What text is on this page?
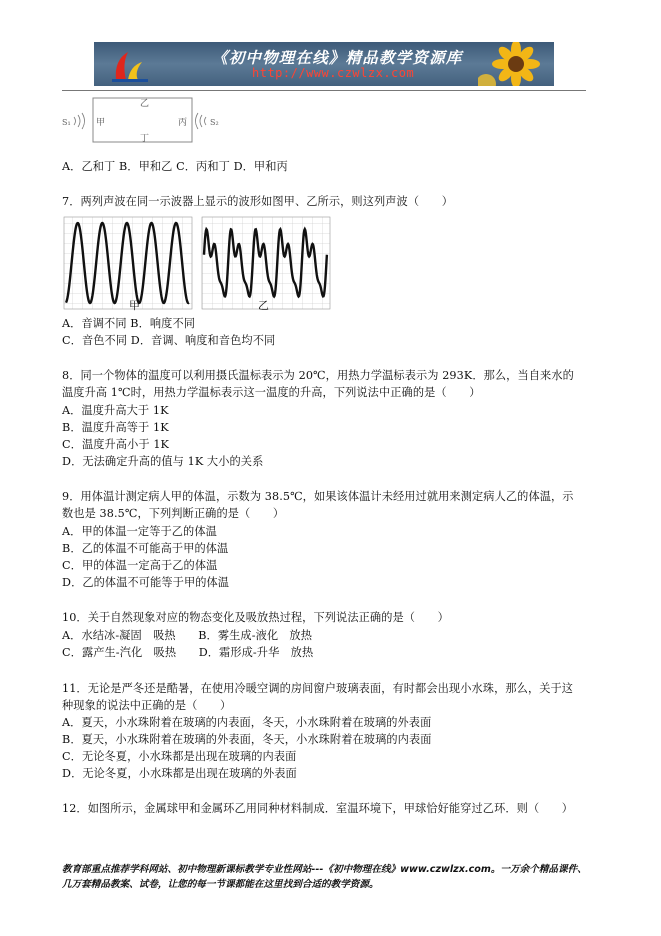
《初中物理在线》精品教学资源库
http://www.czwlzx.com
乙
丁
甲	丙
S₁	S₂
A．乙和丁 B．甲和乙 C．丙和丁 D．甲和丙
7．两列声波在同一示波器上显示的波形如图甲、乙所示，则这列声波（　　）
甲	乙
A．音调不同 B．响度不同
C．音色不同 D．音调、响度和音色均不同
8．同一个物体的温度可以利用摄氏温标表示为 20℃，用热力学温标表示为 293K．那么，当自来水的
温度升高 1℃时，用热力学温标表示这一温度的升高，下列说法中正确的是（　　）
A．温度升高大于 1K
B．温度升高等于 1K
C．温度升高小于 1K
D．无法确定升高的值与 1K 大小的关系
9．用体温计测定病人甲的体温，示数为 38.5℃，如果该体温计未经用过就用来测定病人乙的体温，示
数也是 38.5℃，下列判断正确的是（　　）
A．甲的体温一定等于乙的体温
B．乙的体温不可能高于甲的体温
C．甲的体温一定高于乙的体温
D．乙的体温不可能等于甲的体温
10．关于自然现象对应的物态变化及吸放热过程，下列说法正确的是（　　）
A．水结冰-凝固　吸热　　B．雾生成-液化　放热
C．露产生-汽化　吸热　　D．霜形成-升华　放热
11．无论是严冬还是酷暑，在使用冷暖空调的房间窗户玻璃表面，有时都会出现小水珠，那么，关于这
种现象的说法中正确的是（　　）
A．夏天，小水珠附着在玻璃的内表面，冬天，小水珠附着在玻璃的外表面
B．夏天，小水珠附着在玻璃的外表面，冬天，小水珠附着在玻璃的内表面
C．无论冬夏，小水珠都是出现在玻璃的内表面
D．无论冬夏，小水珠都是出现在玻璃的外表面
12．如图所示，金属球甲和金属环乙用同种材料制成．室温环境下，甲球恰好能穿过乙环．则（　　）
教育部重点推荐学科网站、初中物理新课标教学专业性网站---《初中物理在线》www.czwlzx.com。一万余个精品课件、
几万套精品教案、试卷，让您的每一节课都能在这里找到合适的教学资源。
